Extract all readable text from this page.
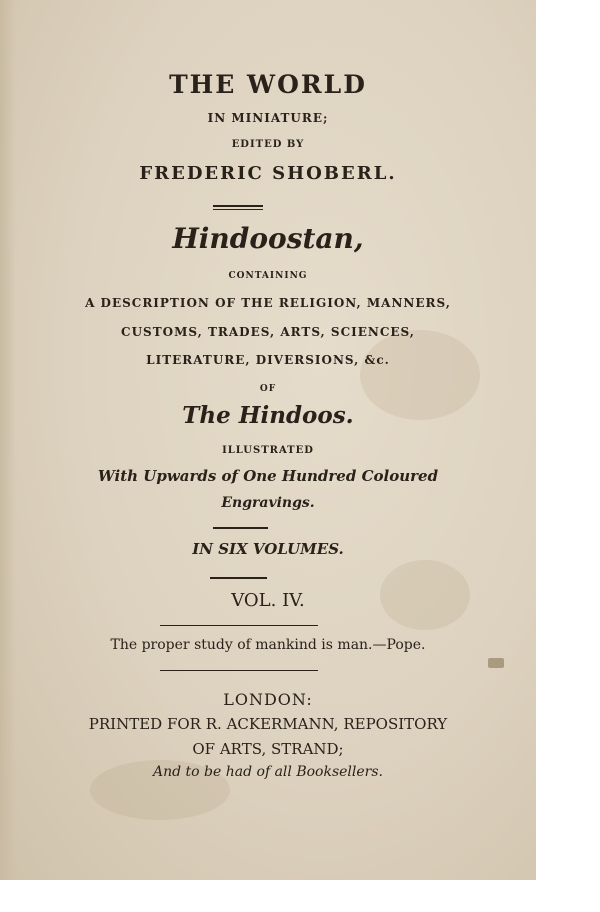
THE WORLD
IN MINIATURE;
EDITED BY
FREDERIC SHOBERL.
Hindoostan,
CONTAINING
A DESCRIPTION OF THE RELIGION, MANNERS,
CUSTOMS, TRADES, ARTS, SCIENCES,
LITERATURE, DIVERSIONS, &c.
OF
The Hindoos.
ILLUSTRATED
With Upwards of One Hundred Coloured
Engravings.
IN SIX VOLUMES.
VOL. IV.
The proper study of mankind is man.—Pope.
LONDON:
PRINTED FOR R. ACKERMANN, REPOSITORY
OF ARTS, STRAND;
And to be had of all Booksellers.
